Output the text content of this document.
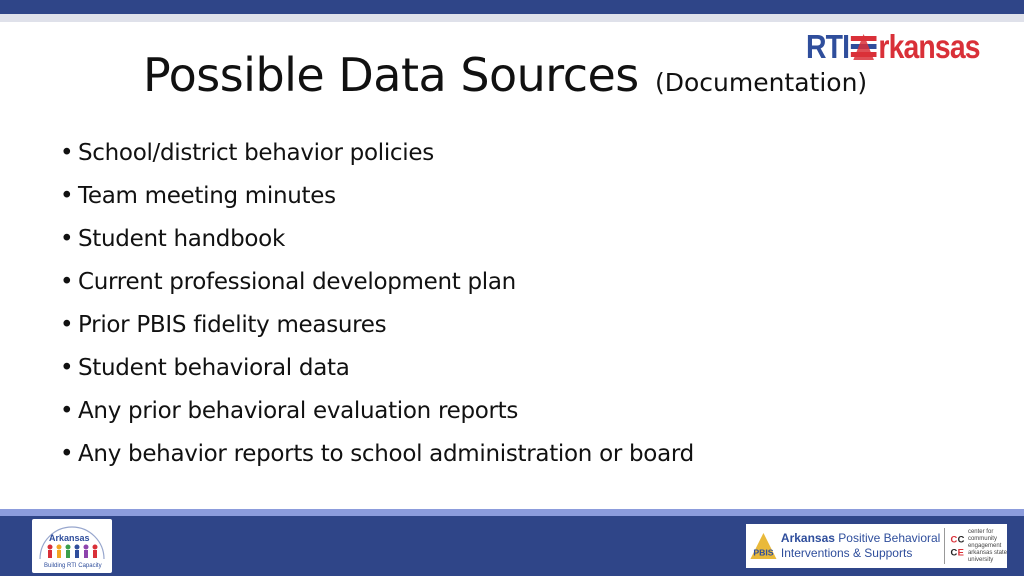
Possible Data Sources (Documentation)
RTI rkansas
• School/district behavior policies
• Team meeting minutes
• Student handbook
• Current professional development plan
• Prior PBIS fidelity measures
• Student behavioral data
• Any prior behavioral evaluation reports
• Any behavior reports to school administration or board
Arkansas
Building RTI Capacity
PBIS
Arkansas Positive Behavioral
Interventions & Supports
C C
C E
center for
community
engagement
arkansas state
university
